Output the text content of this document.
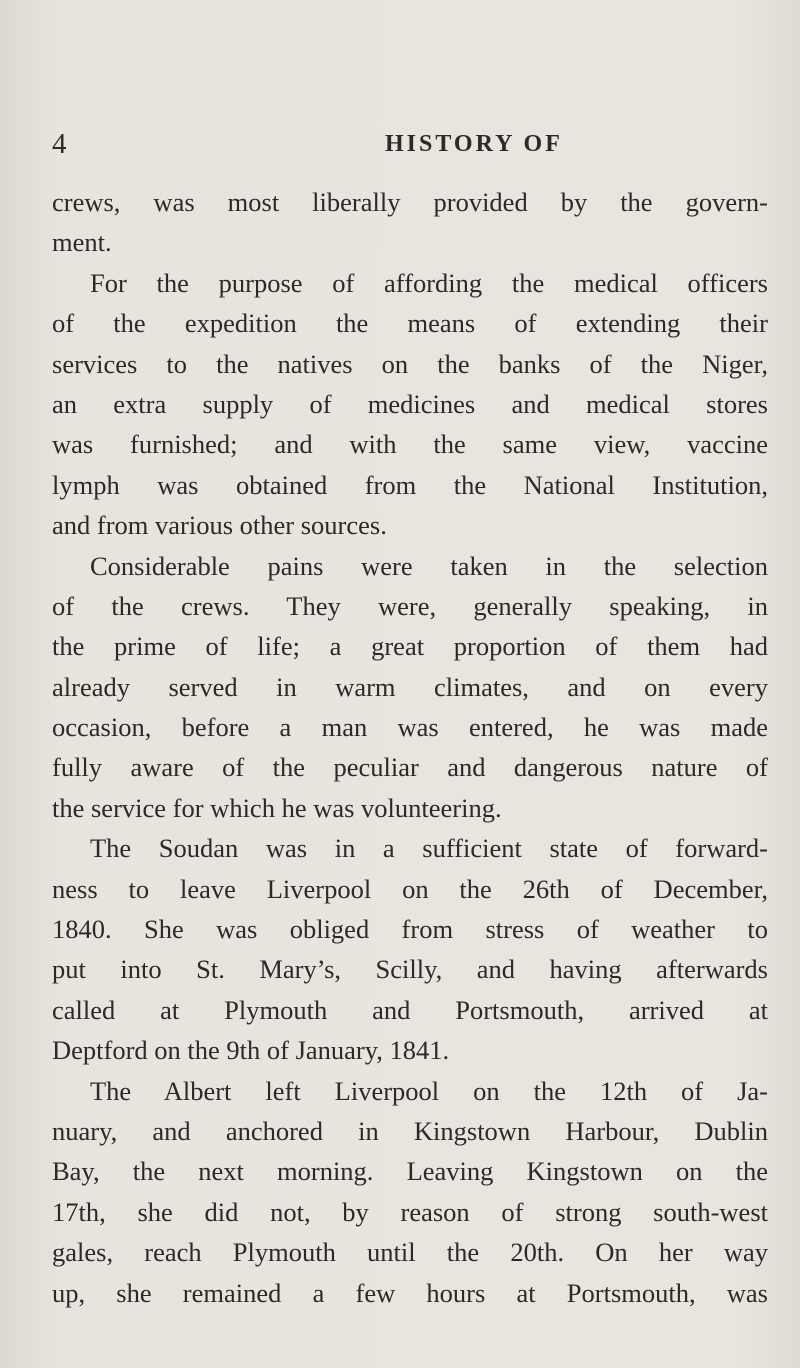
4	HISTORY OF
crews, was most liberally provided by the govern-
ment.
For the purpose of affording the medical officers
of the expedition the means of extending their
services to the natives on the banks of the Niger,
an extra supply of medicines and medical stores
was furnished; and with the same view, vaccine
lymph was obtained from the National Institution,
and from various other sources.
Considerable pains were taken in the selection
of the crews. They were, generally speaking, in
the prime of life; a great proportion of them had
already served in warm climates, and on every
occasion, before a man was entered, he was made
fully aware of the peculiar and dangerous nature of
the service for which he was volunteering.
The Soudan was in a sufficient state of forward-
ness to leave Liverpool on the 26th of December,
1840. She was obliged from stress of weather to
put into St. Mary’s, Scilly, and having afterwards
called at Plymouth and Portsmouth, arrived at
Deptford on the 9th of January, 1841.
The Albert left Liverpool on the 12th of Ja-
nuary, and anchored in Kingstown Harbour, Dublin
Bay, the next morning. Leaving Kingstown on the
17th, she did not, by reason of strong south-west
gales, reach Plymouth until the 20th. On her way
up, she remained a few hours at Portsmouth, was
